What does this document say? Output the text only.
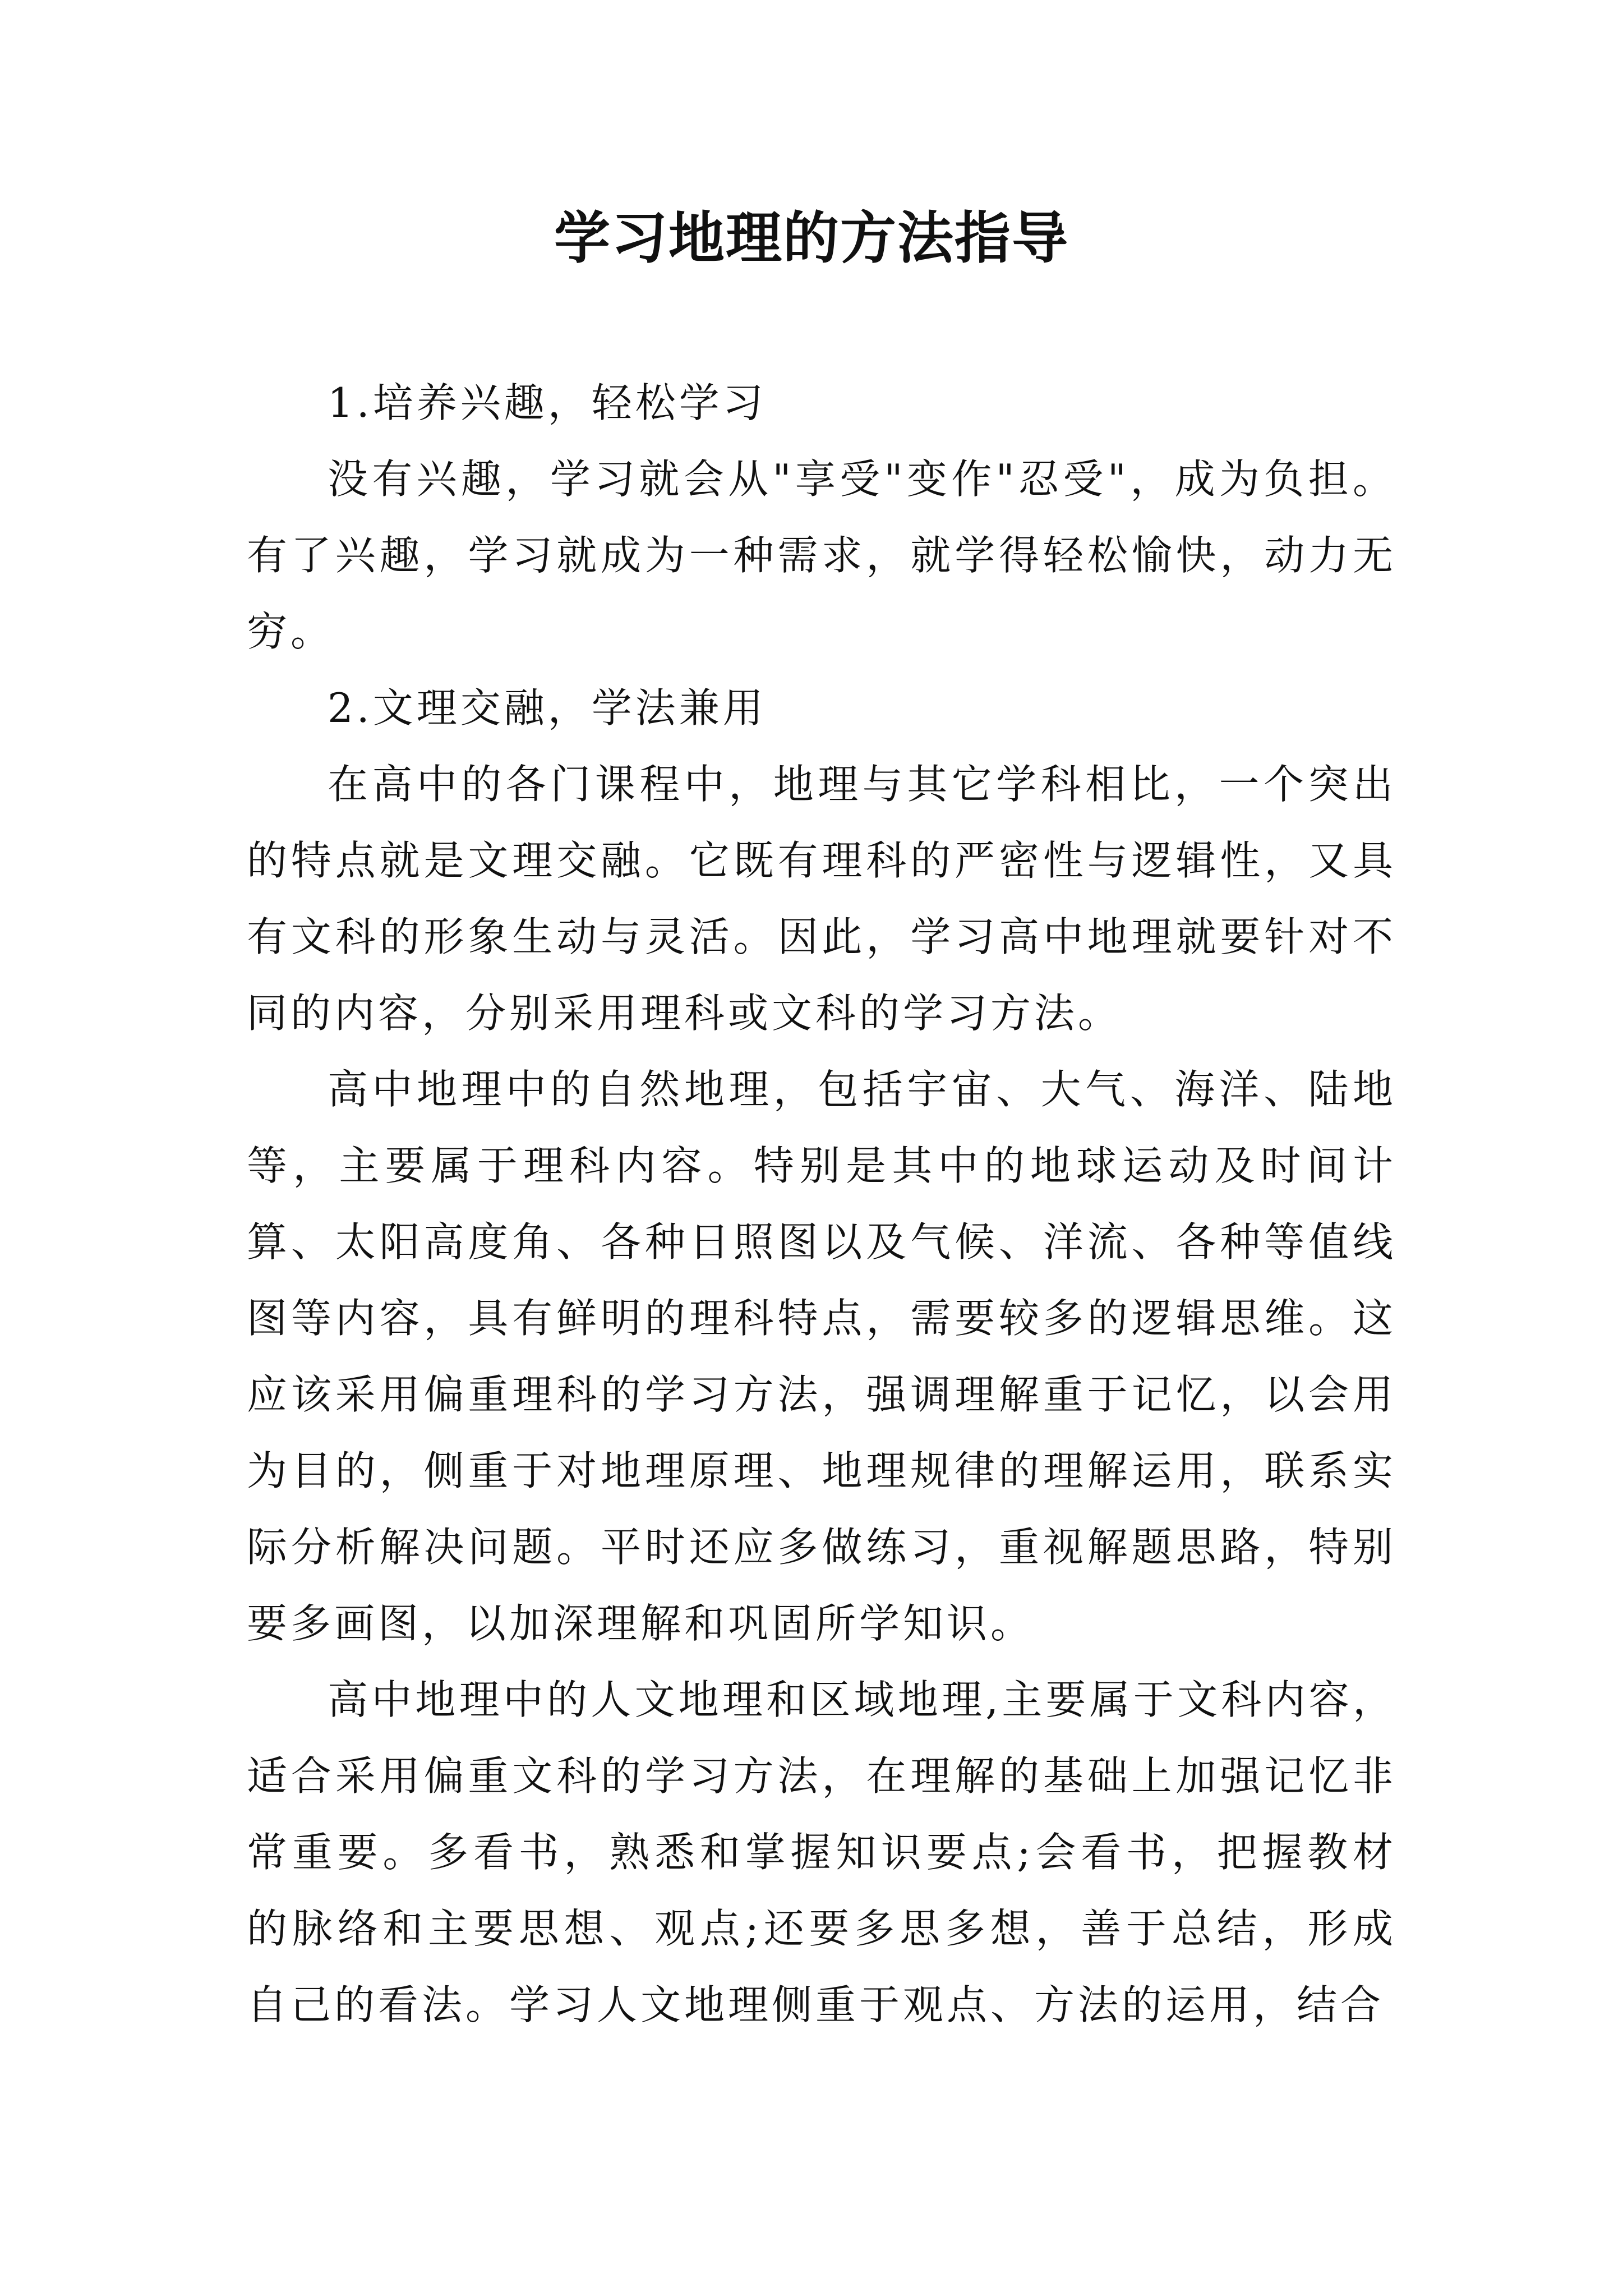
学习地理的方法指导

1.培养兴趣，轻松学习

没有兴趣，学习就会从"享受"变作"忍受"，成为负担。有了兴趣，学习就成为一种需求，就学得轻松愉快，动力无穷。

2.文理交融，学法兼用

在高中的各门课程中，地理与其它学科相比，一个突出的特点就是文理交融。它既有理科的严密性与逻辑性，又具有文科的形象生动与灵活。因此，学习高中地理就要针对不同的内容，分别采用理科或文科的学习方法。

高中地理中的自然地理，包括宇宙、大气、海洋、陆地等，主要属于理科内容。特别是其中的地球运动及时间计算、太阳高度角、各种日照图以及气候、洋流、各种等值线图等内容，具有鲜明的理科特点，需要较多的逻辑思维。这应该采用偏重理科的学习方法，强调理解重于记忆，以会用为目的，侧重于对地理原理、地理规律的理解运用，联系实际分析解决问题。平时还应多做练习，重视解题思路，特别要多画图，以加深理解和巩固所学知识。

高中地理中的人文地理和区域地理,主要属于文科内容，适合采用偏重文科的学习方法，在理解的基础上加强记忆非常重要。多看书，熟悉和掌握知识要点;会看书，把握教材的脉络和主要思想、观点;还要多思多想，善于总结，形成自己的看法。学习人文地理侧重于观点、方法的运用，结合
